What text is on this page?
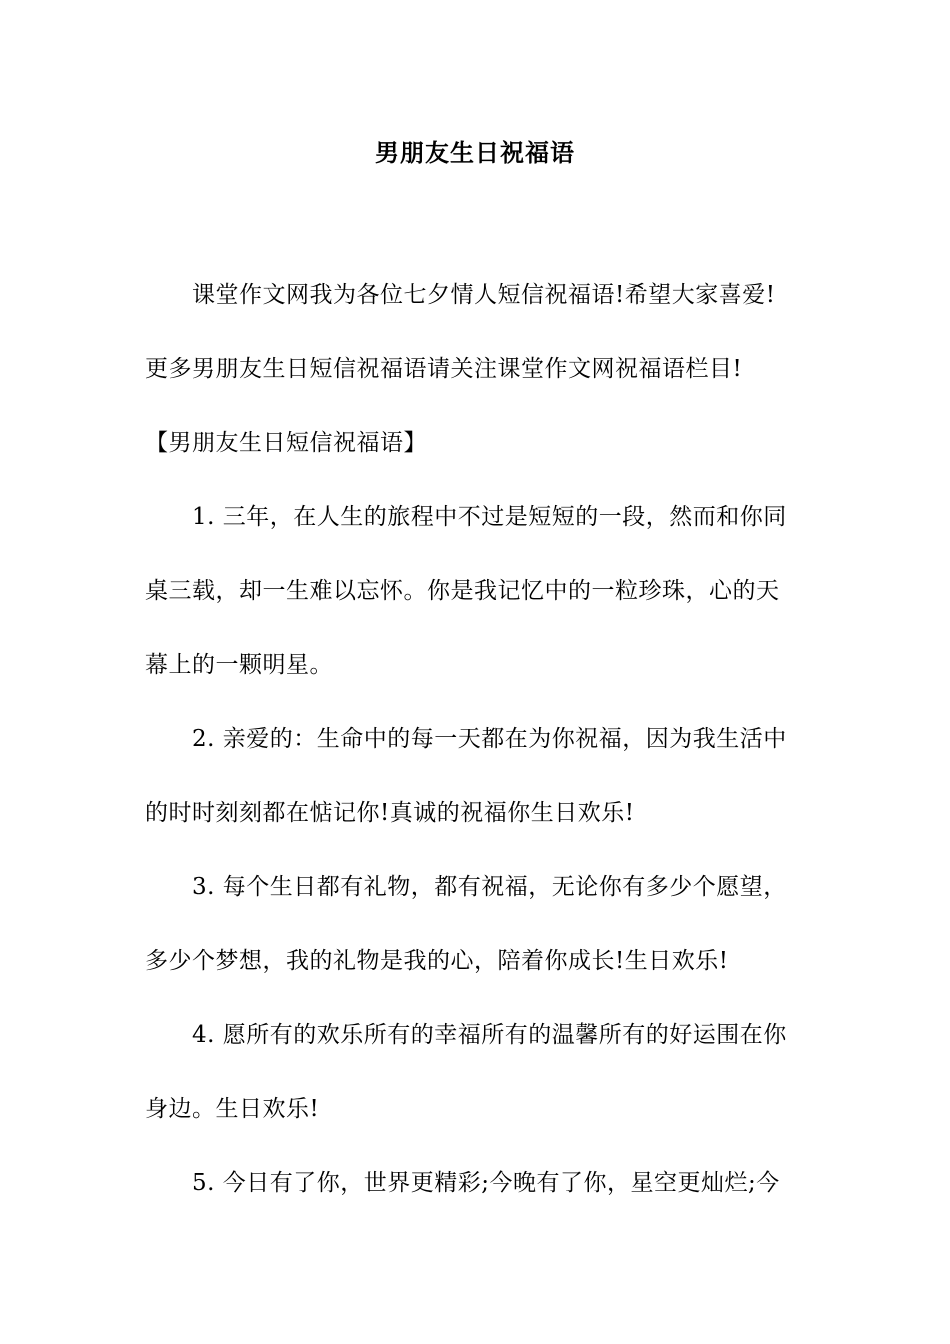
男朋友生日祝福语

课堂作文网我为各位七夕情人短信祝福语!希望大家喜爱!

更多男朋友生日短信祝福语请关注课堂作文网祝福语栏目!

【男朋友生日短信祝福语】

1. 三年，在人生的旅程中不过是短短的一段，然而和你同

桌三载，却一生难以忘怀。你是我记忆中的一粒珍珠，心的天

幕上的一颗明星。

2. 亲爱的：生命中的每一天都在为你祝福，因为我生活中

的时时刻刻都在惦记你!真诚的祝福你生日欢乐!

3. 每个生日都有礼物，都有祝福，无论你有多少个愿望，

多少个梦想，我的礼物是我的心，陪着你成长!生日欢乐!

4. 愿所有的欢乐所有的幸福所有的温馨所有的好运围在你

身边。生日欢乐!

5. 今日有了你，世界更精彩;今晚有了你，星空更灿烂;今
